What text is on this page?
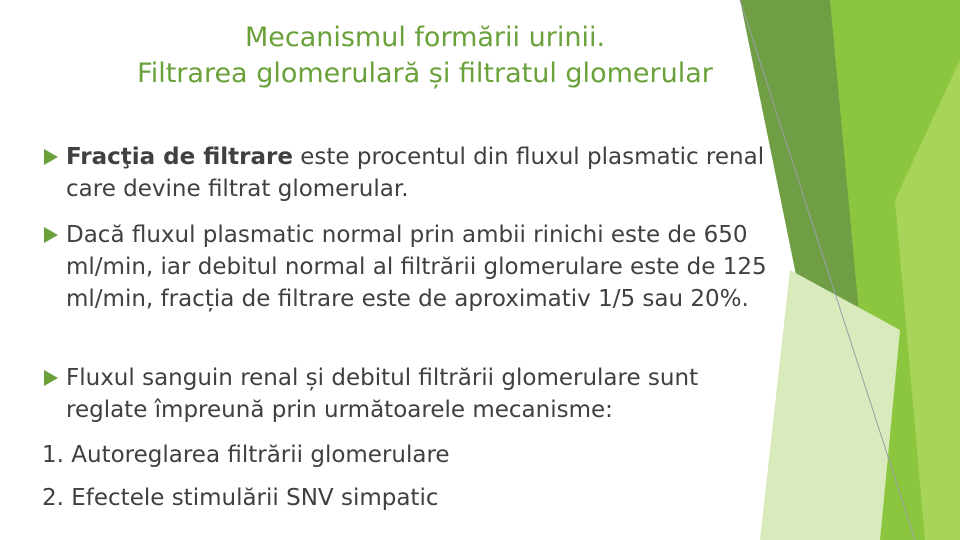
Mecanismul formării urinii.
Filtrarea glomerulară și filtratul glomerular
Fracţia de filtrare este procentul din fluxul plasmatic renal care devine filtrat glomerular.
Dacă fluxul plasmatic normal prin ambii rinichi este de 650 ml/min, iar debitul normal al filtrării glomerulare este de 125 ml/min, fracția de filtrare este de aproximativ 1/5 sau 20%.
Fluxul sanguin renal și debitul filtrării glomerulare sunt reglate împreună prin următoarele mecanisme:
1. Autoreglarea filtrării glomerulare
2. Efectele stimulării SNV simpatic
